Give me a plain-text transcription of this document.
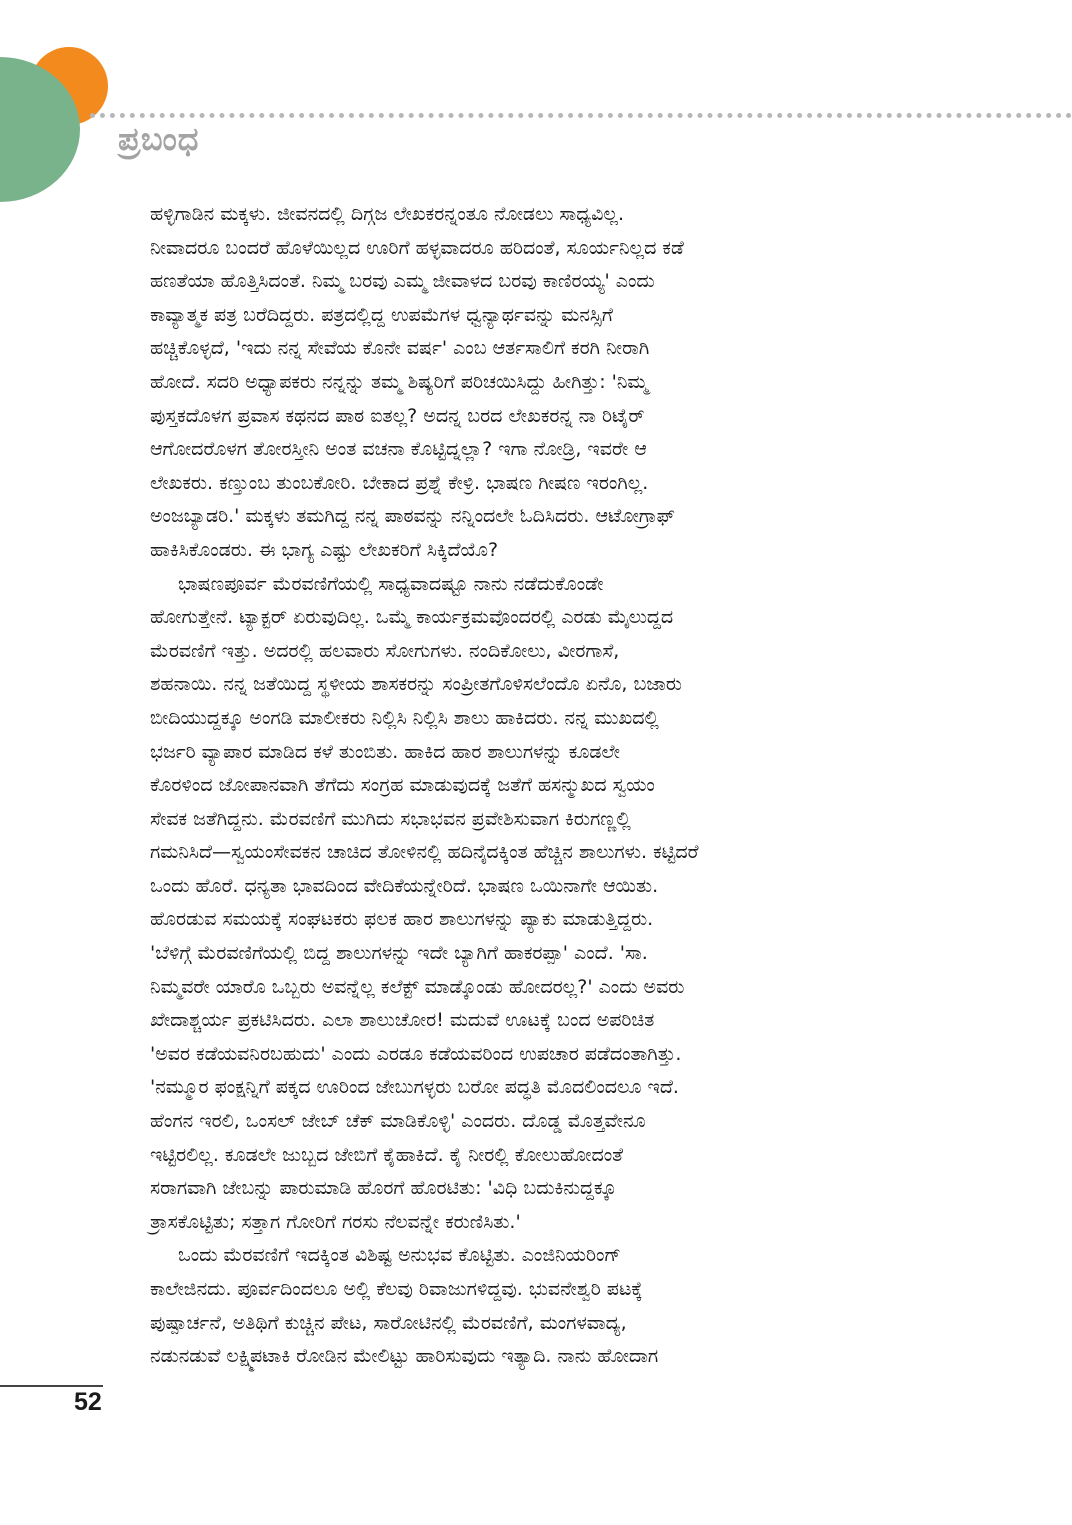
ಪ್ರಬಂಧ
ಹಳ್ಳಿಗಾಡಿನ ಮಕ್ಕಳು. ಜೀವನದಲ್ಲಿ ದಿಗ್ಗಜ ಲೇಖಕರನ್ನಂತೂ ನೋಡಲು ಸಾಧ್ಯವಿಲ್ಲ.
ನೀವಾದರೂ ಬಂದರೆ ಹೊಳೆಯಿಲ್ಲದ ಊರಿಗೆ ಹಳ್ಳವಾದರೂ ಹರಿದಂತೆ, ಸೂರ್ಯನಿಲ್ಲದ ಕಡೆ
ಹಣತೆಯಾ ಹೊತ್ತಿಸಿದಂತೆ. ನಿಮ್ಮ ಬರವು ಎಮ್ಮ ಜೀವಾಳದ ಬರವು ಕಾಣಿರಯ್ಯ' ಎಂದು
ಕಾವ್ಯಾತ್ಮಕ ಪತ್ರ ಬರೆದಿದ್ದರು. ಪತ್ರದಲ್ಲಿದ್ದ ಉಪಮೆಗಳ ಧ್ವನ್ಯಾರ್ಥವನ್ನು ಮನಸ್ಸಿಗೆ
ಹಚ್ಚಿಕೊಳ್ಳದೆ, 'ಇದು ನನ್ನ ಸೇವೆಯ ಕೊನೇ ವರ್ಷ' ಎಂಬ ಆರ್ತಸಾಲಿಗೆ ಕರಗಿ ನೀರಾಗಿ
ಹೋದೆ. ಸದರಿ ಅಧ್ಯಾಪಕರು ನನ್ನನ್ನು ತಮ್ಮ ಶಿಷ್ಯರಿಗೆ ಪರಿಚಯಿಸಿದ್ದು ಹೀಗಿತ್ತು: 'ನಿಮ್ಮ
ಪುಸ್ತಕದೊಳಗ ಪ್ರವಾಸ ಕಥನದ ಪಾಠ ಐತಲ್ಲ? ಅದನ್ನ ಬರದ ಲೇಖಕರನ್ನ ನಾ ರಿಟೈರ್
ಆಗೋದರೊಳಗ ತೋರಸ್ತೀನಿ ಅಂತ ವಚನಾ ಕೊಟ್ಟಿದ್ನಲ್ಲಾ? ಇಗಾ ನೋಡ್ರಿ, ಇವರೇ ಆ
ಲೇಖಕರು. ಕಣ್ತುಂಬ ತುಂಬಕೋರಿ. ಬೇಕಾದ ಪ್ರಶ್ನೆ ಕೇಳ್ರಿ. ಭಾಷಣ ಗೀಷಣ ಇರಂಗಿಲ್ಲ.
ಅಂಜಬ್ಯಾಡರಿ.' ಮಕ್ಕಳು ತಮಗಿದ್ದ ನನ್ನ ಪಾಠವನ್ನು ನನ್ನಿಂದಲೇ ಓದಿಸಿದರು. ಆಟೋಗ್ರಾಫ್
ಹಾಕಿಸಿಕೊಂಡರು. ಈ ಭಾಗ್ಯ ಎಷ್ಟು ಲೇಖಕರಿಗೆ ಸಿಕ್ಕಿದೆಯೊ?
ಭಾಷಣಪೂರ್ವ ಮೆರವಣಿಗೆಯಲ್ಲಿ ಸಾಧ್ಯವಾದಷ್ಟೂ ನಾನು ನಡೆದುಕೊಂಡೇ
ಹೋಗುತ್ತೇನೆ. ಟ್ಯಾಕ್ಟರ್ ಏರುವುದಿಲ್ಲ. ಒಮ್ಮೆ ಕಾರ್ಯಕ್ರಮವೊಂದರಲ್ಲಿ ಎರಡು ಮೈಲುದ್ದದ
ಮೆರವಣಿಗೆ ಇತ್ತು. ಅದರಲ್ಲಿ ಹಲವಾರು ಸೋಗುಗಳು. ನಂದಿಕೋಲು, ವೀರಗಾಸೆ,
ಶಹನಾಯಿ. ನನ್ನ ಜತೆಯಿದ್ದ ಸ್ಥಳೀಯ ಶಾಸಕರನ್ನು ಸಂಪ್ರೀತಗೊಳಿಸಲೆಂದೊ ಏನೊ, ಬಜಾರು
ಬೀದಿಯುದ್ದಕ್ಕೂ ಅಂಗಡಿ ಮಾಲೀಕರು ನಿಲ್ಲಿಸಿ ನಿಲ್ಲಿಸಿ ಶಾಲು ಹಾಕಿದರು. ನನ್ನ ಮುಖದಲ್ಲಿ
ಭರ್ಜರಿ ವ್ಯಾಪಾರ ಮಾಡಿದ ಕಳೆ ತುಂಬಿತು. ಹಾಕಿದ ಹಾರ ಶಾಲುಗಳನ್ನು ಕೂಡಲೇ
ಕೊರಳಿಂದ ಜೋಪಾನವಾಗಿ ತೆಗೆದು ಸಂಗ್ರಹ ಮಾಡುವುದಕ್ಕೆ ಜತೆಗೆ ಹಸನ್ಮುಖದ ಸ್ವಯಂ
ಸೇವಕ ಜತೆಗಿದ್ದನು. ಮೆರವಣಿಗೆ ಮುಗಿದು ಸಭಾಭವನ ಪ್ರವೇಶಿಸುವಾಗ ಕಿರುಗಣ್ಣಲ್ಲಿ
ಗಮನಿಸಿದೆ—ಸ್ವಯಂಸೇವಕನ ಚಾಚಿದ ತೋಳಿನಲ್ಲಿ ಹದಿನೈದಕ್ಕಿಂತ ಹೆಚ್ಚಿನ ಶಾಲುಗಳು. ಕಟ್ಟಿದರೆ
ಒಂದು ಹೊರೆ. ಧನ್ಯತಾ ಭಾವದಿಂದ ವೇದಿಕೆಯನ್ನೇರಿದೆ. ಭಾಷಣ ಒಯಿನಾಗೇ ಆಯಿತು.
ಹೊರಡುವ ಸಮಯಕ್ಕೆ ಸಂಘಟಕರು ಫಲಕ ಹಾರ ಶಾಲುಗಳನ್ನು ಪ್ಯಾಕು ಮಾಡುತ್ತಿದ್ದರು.
'ಬೆಳಿಗ್ಗೆ ಮೆರವಣಿಗೆಯಲ್ಲಿ ಬಿದ್ದ ಶಾಲುಗಳನ್ನು ಇದೇ ಬ್ಯಾಗಿಗೆ ಹಾಕರಪ್ಪಾ' ಎಂದೆ. 'ಸಾ.
ನಿಮ್ಮವರೇ ಯಾರೊ ಒಬ್ಬರು ಅವನ್ನೆಲ್ಲ ಕಲೆಕ್ಟ್ ಮಾಡ್ಕೊಂಡು ಹೋದರಲ್ಲ?' ಎಂದು ಅವರು
ಖೇದಾಶ್ಚರ್ಯ ಪ್ರಕಟಿಸಿದರು. ಎಲಾ ಶಾಲುಚೋರ! ಮದುವೆ ಊಟಕ್ಕೆ ಬಂದ ಅಪರಿಚಿತ
'ಅವರ ಕಡೆಯವನಿರಬಹುದು' ಎಂದು ಎರಡೂ ಕಡೆಯವರಿಂದ ಉಪಚಾರ ಪಡೆದಂತಾಗಿತ್ತು.
'ನಮ್ಮೂರ ಫಂಕ್ಷನ್ನಿಗೆ ಪಕ್ಕದ ಊರಿಂದ ಜೇಬುಗಳ್ಳರು ಬರೋ ಪದ್ಧತಿ ಮೊದಲಿಂದಲೂ ಇದೆ.
ಹೆಂಗನ ಇರಲಿ, ಒಂಸಲ್ ಜೇಬ್ ಚೆಕ್ ಮಾಡಿಕೊಳ್ಳಿ' ಎಂದರು. ದೊಡ್ಡ ಮೊತ್ತವೇನೂ
ಇಟ್ಟಿರಲಿಲ್ಲ. ಕೂಡಲೇ ಜುಬ್ಬದ ಜೇಬಿಗೆ ಕೈಹಾಕಿದೆ. ಕೈ ನೀರಲ್ಲಿ ಕೋಲುಹೋದಂತೆ
ಸರಾಗವಾಗಿ ಜೇಬನ್ನು ಪಾರುಮಾಡಿ ಹೊರಗೆ ಹೊರಟಿತು: 'ವಿಧಿ ಬದುಕಿನುದ್ದಕ್ಕೂ
ತ್ರಾಸಕೊಟ್ಟಿತು; ಸತ್ತಾಗ ಗೋರಿಗೆ ಗರಸು ನೆಲವನ್ನೇ ಕರುಣಿಸಿತು.'
ಒಂದು ಮೆರವಣಿಗೆ ಇದಕ್ಕಿಂತ ವಿಶಿಷ್ಟ ಅನುಭವ ಕೊಟ್ಟಿತು. ಎಂಜಿನಿಯರಿಂಗ್
ಕಾಲೇಜಿನದು. ಪೂರ್ವದಿಂದಲೂ ಅಲ್ಲಿ ಕೆಲವು ರಿವಾಜುಗಳಿದ್ದವು. ಭುವನೇಶ್ವರಿ ಪಟಕ್ಕೆ
ಪುಷ್ಪಾರ್ಚನೆ, ಅತಿಥಿಗೆ ಕುಚ್ಚಿನ ಪೇಟ, ಸಾರೋಟಿನಲ್ಲಿ ಮೆರವಣಿಗೆ, ಮಂಗಳವಾದ್ಯ,
ನಡುನಡುವೆ ಲಕ್ಷ್ಮಿಪಟಾಕಿ ರೋಡಿನ ಮೇಲಿಟ್ಟು ಹಾರಿಸುವುದು ಇತ್ಯಾದಿ. ನಾನು ಹೋದಾಗ
52
